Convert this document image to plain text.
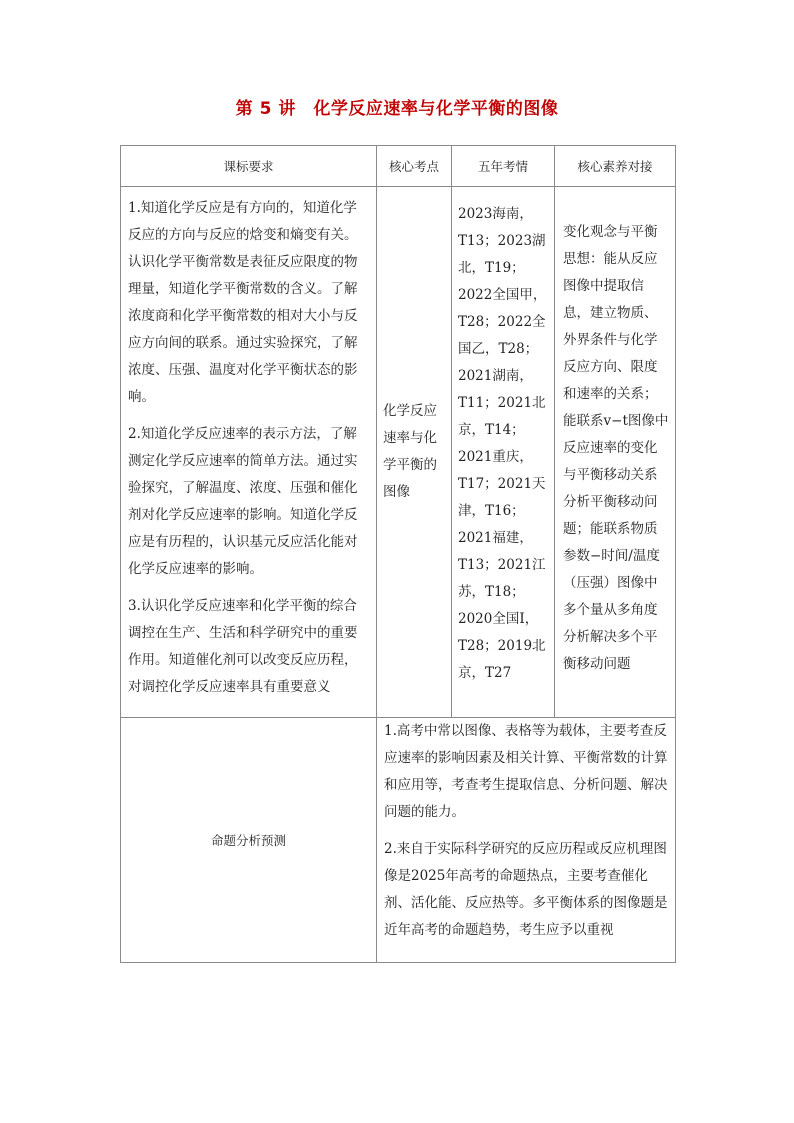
第 5 讲　化学反应速率与化学平衡的图像
课标要求	核心考点	五年考情	核心素养对接

1.知道化学反应是有方向的，知道化学反应的方向与反应的焓变和熵变有关。认识化学平衡常数是表征反应限度的物理量，知道化学平衡常数的含义。了解浓度商和化学平衡常数的相对大小与反应方向间的联系。通过实验探究，了解浓度、压强、温度对化学平衡状态的影响。

2.知道化学反应速率的表示方法，了解测定化学反应速率的简单方法。通过实验探究，了解温度、浓度、压强和催化剂对化学反应速率的影响。知道化学反应是有历程的，认识基元反应活化能对化学反应速率的影响。

3.认识化学反应速率和化学平衡的综合调控在生产、生活和科学研究中的重要作用。知道催化剂可以改变反应历程，对调控化学反应速率具有重要意义	化学反应速率与化学平衡的图像	2023海南，T13；2023湖北，T19；2022全国甲，T28；2022全国乙，T28；2021湖南，T11；2021北京，T14；2021重庆，T17；2021天津，T16；2021福建，T13；2021江苏，T18；2020全国Ⅰ，T28；2019北京，T27	变化观念与平衡思想：能从反应图像中提取信息，建立物质、外界条件与化学反应方向、限度和速率的关系；能联系v−t图像中反应速率的变化与平衡移动关系分析平衡移动问题；能联系物质参数−时间/温度（压强）图像中多个量从多角度分析解决多个平衡移动问题
命题分析预测	1.高考中常以图像、表格等为载体，主要考查反应速率的影响因素及相关计算、平衡常数的计算和应用等，考查考生提取信息、分析问题、解决问题的能力。

2.来自于实际科学研究的反应历程或反应机理图像是2025年高考的命题热点，主要考查催化剂、活化能、反应热等。多平衡体系的图像题是近年高考的命题趋势，考生应予以重视		
